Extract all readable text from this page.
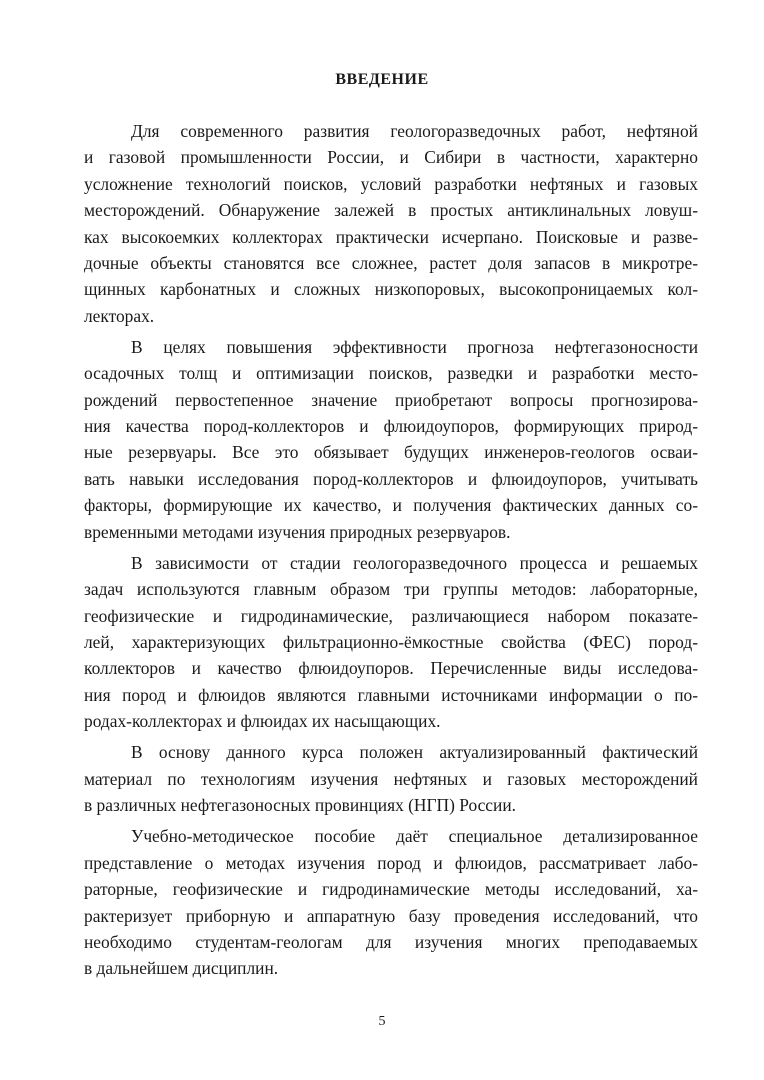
ВВЕДЕНИЕ
Для современного развития геологоразведочных работ, нефтяной
и газовой промышленности России, и Сибири в частности, характерно
усложнение технологий поисков, условий разработки нефтяных и газовых
месторождений. Обнаружение залежей в простых антиклинальных ловуш-
ках высокоемких коллекторах практически исчерпано. Поисковые и разве-
дочные объекты становятся все сложнее, растет доля запасов в микротре-
щинных карбонатных и сложных низкопоровых, высокопроницаемых кол-
лекторах.
В целях повышения эффективности прогноза нефтегазоносности
осадочных толщ и оптимизации поисков, разведки и разработки место-
рождений первостепенное значение приобретают вопросы прогнозирова-
ния качества пород-коллекторов и флюидоупоров, формирующих природ-
ные резервуары. Все это обязывает будущих инженеров-геологов осваи-
вать навыки исследования пород-коллекторов и флюидоупоров, учитывать
факторы, формирующие их качество, и получения фактических данных со-
временными методами изучения природных резервуаров.
В зависимости от стадии геологоразведочного процесса и решаемых
задач используются главным образом три группы методов: лабораторные,
геофизические и гидродинамические, различающиеся набором показате-
лей, характеризующих фильтрационно-ёмкостные свойства (ФЕС) пород-
коллекторов и качество флюидоупоров. Перечисленные виды исследова-
ния пород и флюидов являются главными источниками информации о по-
родах-коллекторах и флюидах их насыщающих.
В основу данного курса положен актуализированный фактический
материал по технологиям изучения нефтяных и газовых месторождений
в различных нефтегазоносных провинциях (НГП) России.
Учебно-методическое пособие даёт специальное детализированное
представление о методах изучения пород и флюидов, рассматривает лабо-
раторные, геофизические и гидродинамические методы исследований, ха-
рактеризует приборную и аппаратную базу проведения исследований, что
необходимо студентам-геологам для изучения многих преподаваемых
в дальнейшем дисциплин.
5
